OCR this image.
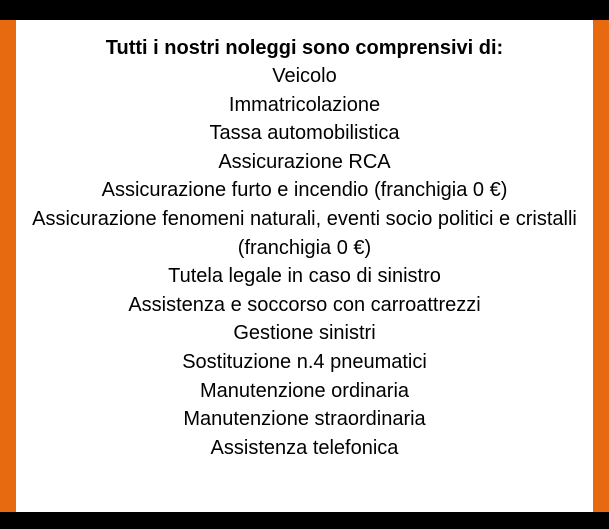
Tutti i nostri noleggi sono comprensivi di:
Veicolo
Immatricolazione
Tassa automobilistica
Assicurazione RCA
Assicurazione furto e incendio (franchigia 0 €)
Assicurazione fenomeni naturali, eventi socio politici e cristalli (franchigia 0 €)
Tutela legale in caso di sinistro
Assistenza e soccorso con carroattrezzi
Gestione sinistri
Sostituzione n.4 pneumatici
Manutenzione ordinaria
Manutenzione straordinaria
Assistenza telefonica
